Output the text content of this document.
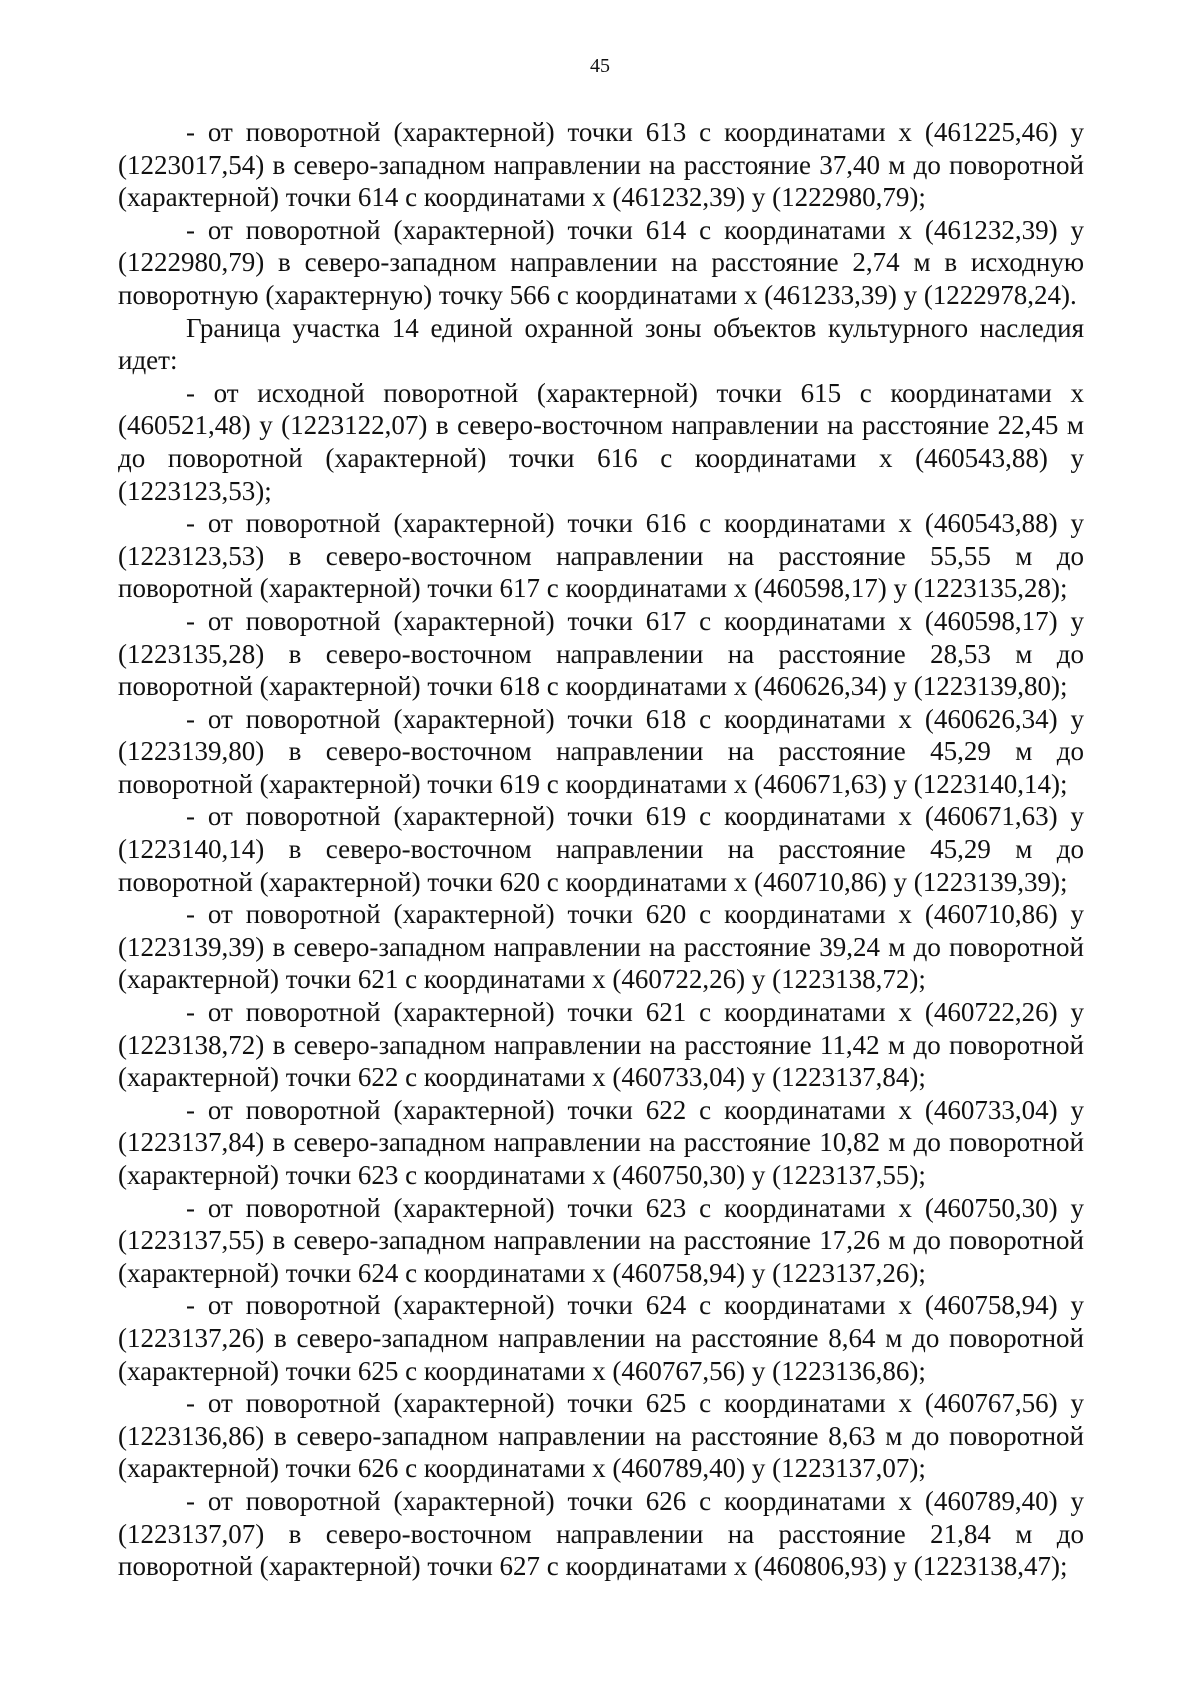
45

- от поворотной (характерной) точки 613 с координатами x (461225,46) y (1223017,54) в северо-западном направлении на расстояние 37,40 м до поворотной (характерной) точки 614 с координатами x (461232,39) y (1222980,79);

- от поворотной (характерной) точки 614 с координатами x (461232,39) y (1222980,79) в северо-западном направлении на расстояние 2,74 м в исходную поворотную (характерную) точку 566 с координатами x (461233,39) y (1222978,24).

Граница участка 14 единой охранной зоны объектов культурного наследия идет:

- от исходной поворотной (характерной) точки 615 с координатами x (460521,48) y (1223122,07) в северо-восточном направлении на расстояние 22,45 м до поворотной (характерной) точки 616 с координатами x (460543,88) y (1223123,53);

- от поворотной (характерной) точки 616 с координатами x (460543,88) y (1223123,53) в северо-восточном направлении на расстояние 55,55 м до поворотной (характерной) точки 617 с координатами x (460598,17) y (1223135,28);

- от поворотной (характерной) точки 617 с координатами x (460598,17) y (1223135,28) в северо-восточном направлении на расстояние 28,53 м до поворотной (характерной) точки 618 с координатами x (460626,34) y (1223139,80);

- от поворотной (характерной) точки 618 с координатами x (460626,34) y (1223139,80) в северо-восточном направлении на расстояние 45,29 м до поворотной (характерной) точки 619 с координатами x (460671,63) y (1223140,14);

- от поворотной (характерной) точки 619 с координатами x (460671,63) y (1223140,14) в северо-восточном направлении на расстояние 45,29 м до поворотной (характерной) точки 620 с координатами x (460710,86) y (1223139,39);

- от поворотной (характерной) точки 620 с координатами x (460710,86) y (1223139,39) в северо-западном направлении на расстояние 39,24 м до поворотной (характерной) точки 621 с координатами x (460722,26) y (1223138,72);

- от поворотной (характерной) точки 621 с координатами x (460722,26) y (1223138,72) в северо-западном направлении на расстояние 11,42 м до поворотной (характерной) точки 622 с координатами x (460733,04) y (1223137,84);

- от поворотной (характерной) точки 622 с координатами x (460733,04) y (1223137,84) в северо-западном направлении на расстояние 10,82 м до поворотной (характерной) точки 623 с координатами x (460750,30) y (1223137,55);

- от поворотной (характерной) точки 623 с координатами x (460750,30) y (1223137,55) в северо-западном направлении на расстояние 17,26 м до поворотной (характерной) точки 624 с координатами x (460758,94) y (1223137,26);

- от поворотной (характерной) точки 624 с координатами x (460758,94) y (1223137,26) в северо-западном направлении на расстояние 8,64 м до поворотной (характерной) точки 625 с координатами x (460767,56) y (1223136,86);

- от поворотной (характерной) точки 625 с координатами x (460767,56) y (1223136,86) в северо-западном направлении на расстояние 8,63 м до поворотной (характерной) точки 626 с координатами x (460789,40) y (1223137,07);

- от поворотной (характерной) точки 626 с координатами x (460789,40) y (1223137,07) в северо-восточном направлении на расстояние 21,84 м до поворотной (характерной) точки 627 с координатами x (460806,93) y (1223138,47);
